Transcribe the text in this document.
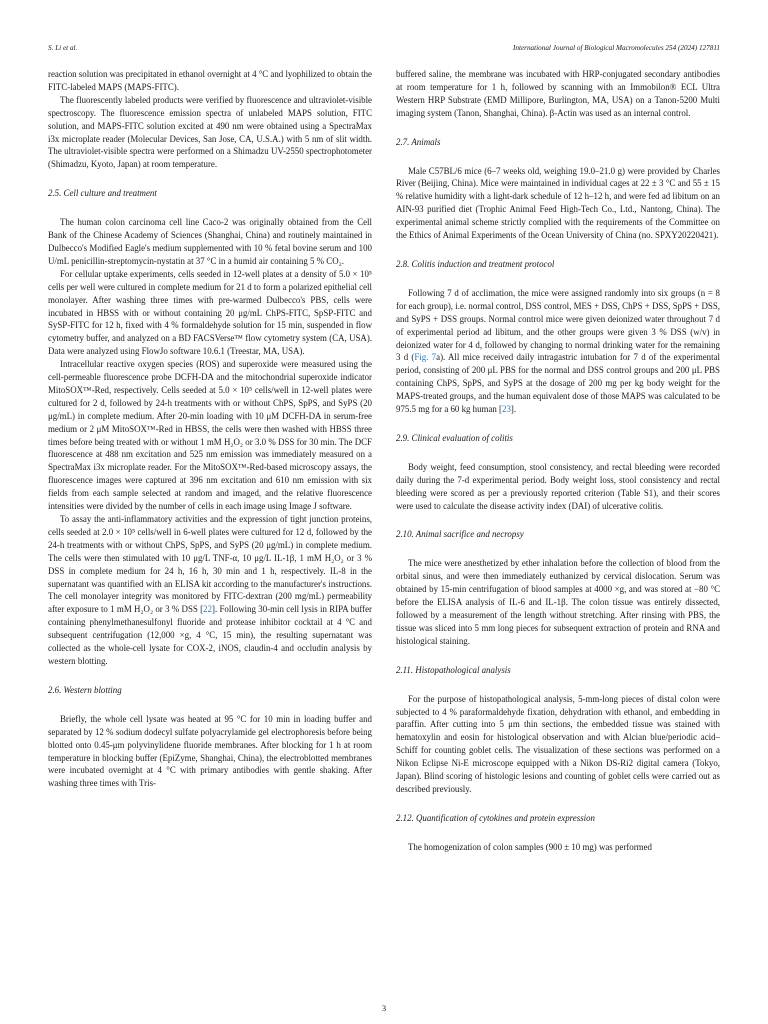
S. Li et al.	International Journal of Biological Macromolecules 254 (2024) 127811

reaction solution was precipitated in ethanol overnight at 4 °C and lyophilized to obtain the FITC-labeled MAPS (MAPS-FITC).

The fluorescently labeled products were verified by fluorescence and ultraviolet-visible spectroscopy. The fluorescence emission spectra of unlabeled MAPS solution, FITC solution, and MAPS-FITC solution excited at 490 nm were obtained using a SpectraMax i3x microplate reader (Molecular Devices, San Jose, CA, U.S.A.) with 5 nm of slit width. The ultraviolet-visible spectra were performed on a Shimadzu UV-2550 spectrophotometer (Shimadzu, Kyoto, Japan) at room temperature.

2.5. Cell culture and treatment

The human colon carcinoma cell line Caco-2 was originally obtained from the Cell Bank of the Chinese Academy of Sciences (Shanghai, China) and routinely maintained in Dulbecco's Modified Eagle's medium supplemented with 10 % fetal bovine serum and 100 U/mL penicillin-streptomycin-nystatin at 37 °C in a humid air containing 5 % CO₂.

For cellular uptake experiments, cells seeded in 12-well plates at a density of 5.0 × 10⁵ cells per well were cultured in complete medium for 21 d to form a polarized epithelial cell monolayer. After washing three times with pre-warmed Dulbecco's PBS, cells were incubated in HBSS with or without containing 20 μg/mL ChPS-FITC, SpSP-FITC and SySP-FITC for 12 h, fixed with 4 % formaldehyde solution for 15 min, suspended in flow cytometry buffer, and analyzed on a BD FACSVerse™ flow cytometry system (CA, USA). Data were analyzed using FlowJo software 10.6.1 (Treestar, MA, USA).

Intracellular reactive oxygen species (ROS) and superoxide were measured using the cell-permeable fluorescence probe DCFH-DA and the mitochondrial superoxide indicator MitoSOX™-Red, respectively. Cells seeded at 5.0 × 10⁵ cells/well in 12-well plates were cultured for 2 d, followed by 24-h treatments with or without ChPS, SpPS, and SyPS (20 μg/mL) in complete medium. After 20-min loading with 10 μM DCFH-DA in serum-free medium or 2 μM MitoSOX™-Red in HBSS, the cells were then washed with HBSS three times before being treated with or without 1 mM H₂O₂ or 3.0 % DSS for 30 min. The DCF fluorescence at 488 nm excitation and 525 nm emission was immediately measured on a SpectraMax i3x microplate reader. For the MitoSOX™-Red-based microscopy assays, the fluorescence images were captured at 396 nm excitation and 610 nm emission with six fields from each sample selected at random and imaged, and the relative fluorescence intensities were divided by the number of cells in each image using Image J software.

To assay the anti-inflammatory activities and the expression of tight junction proteins, cells seeded at 2.0 × 10⁵ cells/well in 6-well plates were cultured for 12 d, followed by the 24-h treatments with or without ChPS, SpPS, and SyPS (20 μg/mL) in complete medium. The cells were then stimulated with 10 μg/L TNF-α, 10 μg/L IL-1β, 1 mM H₂O₂ or 3 % DSS in complete medium for 24 h, 16 h, 30 min and 1 h, respectively. IL-8 in the supernatant was quantified with an ELISA kit according to the manufacturer's instructions. The cell monolayer integrity was monitored by FITC-dextran (200 mg/mL) permeability after exposure to 1 mM H₂O₂ or 3 % DSS [22]. Following 30-min cell lysis in RIPA buffer containing phenylmethanesulfonyl fluoride and protease inhibitor cocktail at 4 °C and subsequent centrifugation (12,000 ×g, 4 °C, 15 min), the resulting supernatant was collected as the whole-cell lysate for COX-2, iNOS, claudin-4 and occludin analysis by western blotting.

2.6. Western blotting

Briefly, the whole cell lysate was heated at 95 °C for 10 min in loading buffer and separated by 12 % sodium dodecyl sulfate polyacrylamide gel electrophoresis before being blotted onto 0.45-μm polyvinylidene fluoride membranes. After blocking for 1 h at room temperature in blocking buffer (EpiZyme, Shanghai, China), the electroblotted membranes were incubated overnight at 4 °C with primary antibodies with gentle shaking. After washing three times with Tris-

buffered saline, the membrane was incubated with HRP-conjugated secondary antibodies at room temperature for 1 h, followed by scanning with an Immobilon® ECL Ultra Western HRP Substrate (EMD Millipore, Burlington, MA, USA) on a Tanon-5200 Multi imaging system (Tanon, Shanghai, China). β-Actin was used as an internal control.

2.7. Animals

Male C57BL/6 mice (6–7 weeks old, weighing 19.0–21.0 g) were provided by Charles River (Beijing, China). Mice were maintained in individual cages at 22 ± 3 °C and 55 ± 15 % relative humidity with a light-dark schedule of 12 h–12 h, and were fed ad libitum on an AIN-93 purified diet (Trophic Animal Feed High-Tech Co., Ltd., Nantong, China). The experimental animal scheme strictly complied with the requirements of the Committee on the Ethics of Animal Experiments of the Ocean University of China (no. SPXY20220421).

2.8. Colitis induction and treatment protocol

Following 7 d of acclimation, the mice were assigned randomly into six groups (n = 8 for each group), i.e. normal control, DSS control, MES + DSS, ChPS + DSS, SpPS + DSS, and SyPS + DSS groups. Normal control mice were given deionized water throughout 7 d of experimental period ad libitum, and the other groups were given 3 % DSS (w/v) in deionized water for 4 d, followed by changing to normal drinking water for the remaining 3 d (Fig. 7a). All mice received daily intragastric intubation for 7 d of the experimental period, consisting of 200 μL PBS for the normal and DSS control groups and 200 μL PBS containing ChPS, SpPS, and SyPS at the dosage of 200 mg per kg body weight for the MAPS-treated groups, and the human equivalent dose of those MAPS was calculated to be 975.5 mg for a 60 kg human [23].

2.9. Clinical evaluation of colitis

Body weight, feed consumption, stool consistency, and rectal bleeding were recorded daily during the 7-d experimental period. Body weight loss, stool consistency and rectal bleeding were scored as per a previously reported criterion (Table S1), and their scores were used to calculate the disease activity index (DAI) of ulcerative colitis.

2.10. Animal sacrifice and necropsy

The mice were anesthetized by ether inhalation before the collection of blood from the orbital sinus, and were then immediately euthanized by cervical dislocation. Serum was obtained by 15-min centrifugation of blood samples at 4000 ×g, and was stored at −80 °C before the ELISA analysis of IL-6 and IL-1β. The colon tissue was entirely dissected, followed by a measurement of the length without stretching. After rinsing with PBS, the tissue was sliced into 5 mm long pieces for subsequent extraction of protein and RNA and histological staining.

2.11. Histopathological analysis

For the purpose of histopathological analysis, 5-mm-long pieces of distal colon were subjected to 4 % paraformaldehyde fixation, dehydration with ethanol, and embedding in paraffin. After cutting into 5 μm thin sections, the embedded tissue was stained with hematoxylin and eosin for histological observation and with Alcian blue/periodic acid–Schiff for counting goblet cells. The visualization of these sections was performed on a Nikon Eclipse Ni-E microscope equipped with a Nikon DS-Ri2 digital camera (Tokyo, Japan). Blind scoring of histologic lesions and counting of goblet cells were carried out as described previously.

2.12. Quantification of cytokines and protein expression

The homogenization of colon samples (900 ± 10 mg) was performed

3
